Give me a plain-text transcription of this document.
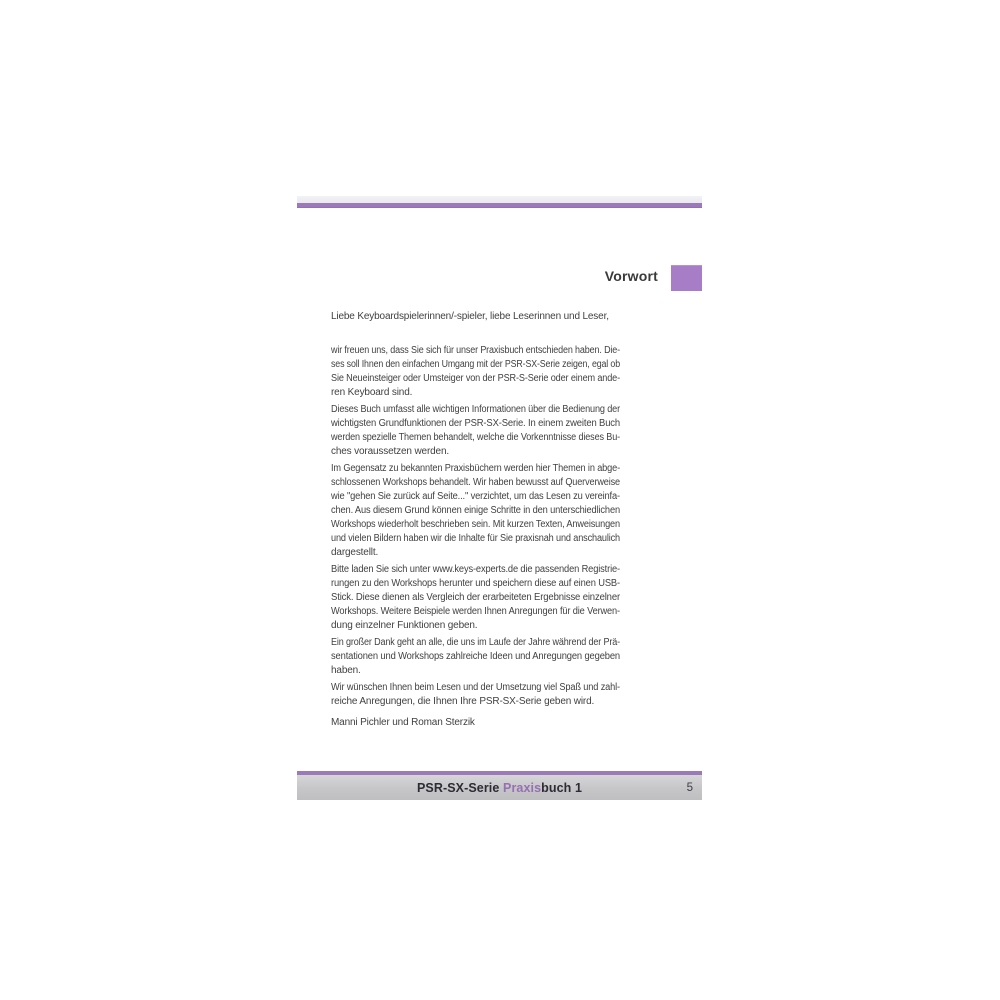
Vorwort
Liebe Keyboardspielerinnen/-spieler, liebe Leserinnen und Leser,
wir freuen uns, dass Sie sich für unser Praxisbuch entschieden haben. Die-
ses soll Ihnen den einfachen Umgang mit der PSR-SX-Serie zeigen, egal ob
Sie Neueinsteiger oder Umsteiger von der PSR-S-Serie oder einem ande-
ren Keyboard sind.
Dieses Buch umfasst alle wichtigen Informationen über die Bedienung der
wichtigsten Grundfunktionen der PSR-SX-Serie. In einem zweiten Buch
werden spezielle Themen behandelt, welche die Vorkenntnisse dieses Bu-
ches voraussetzen werden.
Im Gegensatz zu bekannten Praxisbüchern werden hier Themen in abge-
schlossenen Workshops behandelt. Wir haben bewusst auf Querverweise
wie "gehen Sie zurück auf Seite..." verzichtet, um das Lesen zu vereinfa-
chen. Aus diesem Grund können einige Schritte in den unterschiedlichen
Workshops wiederholt beschrieben sein. Mit kurzen Texten, Anweisungen
und vielen Bildern haben wir die Inhalte für Sie praxisnah und anschaulich
dargestellt.
Bitte laden Sie sich unter www.keys-experts.de die passenden Registrie-
rungen zu den Workshops herunter und speichern diese auf einen USB-
Stick. Diese dienen als Vergleich der erarbeiteten Ergebnisse einzelner
Workshops. Weitere Beispiele werden Ihnen Anregungen für die Verwen-
dung einzelner Funktionen geben.
Ein großer Dank geht an alle, die uns im Laufe der Jahre während der Prä-
sentationen und Workshops zahlreiche Ideen und Anregungen gegeben
haben.
Wir wünschen Ihnen beim Lesen und der Umsetzung viel Spaß und zahl-
reiche Anregungen, die Ihnen Ihre PSR-SX-Serie geben wird.
Manni Pichler und Roman Sterzik
PSR-SX-Serie Praxisbuch 1	5
